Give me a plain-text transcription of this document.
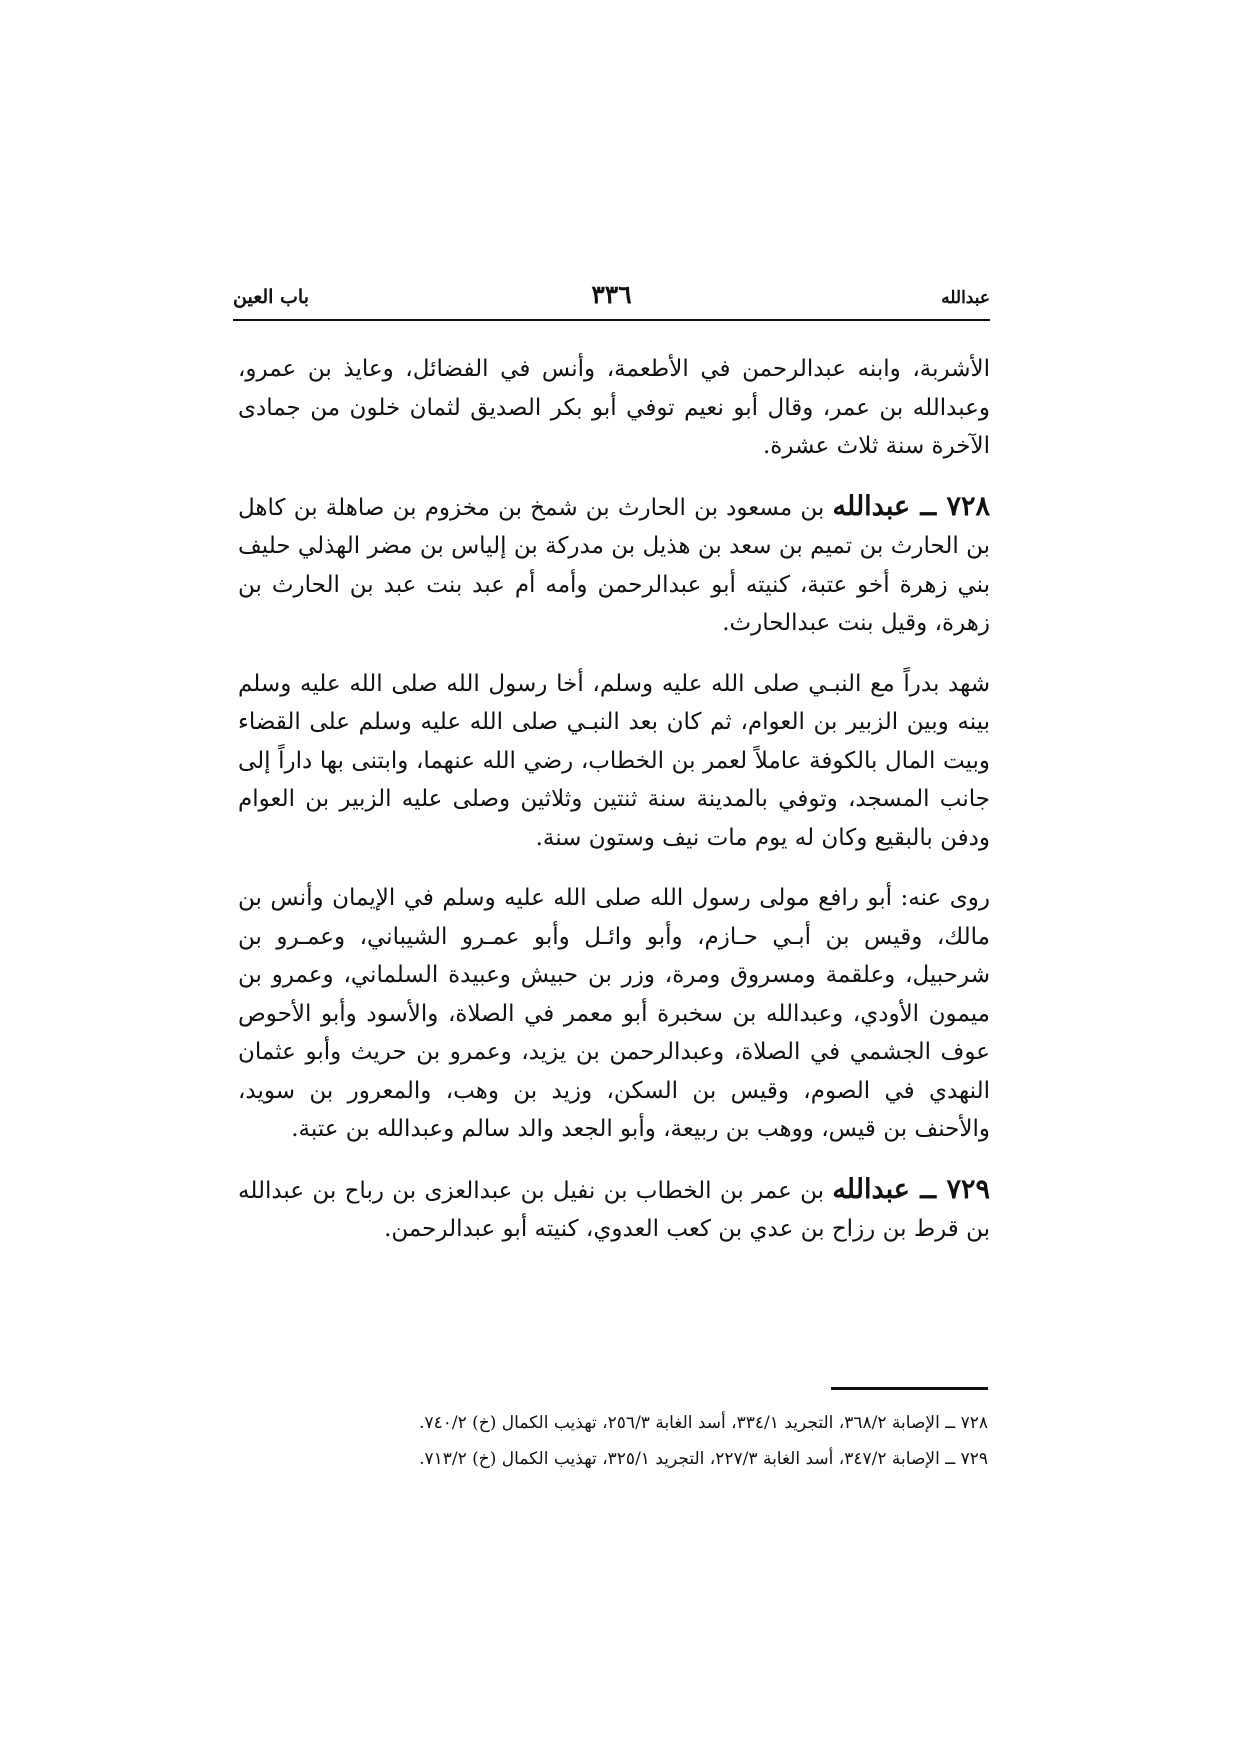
عبدالله
٣٣٦
باب العين

الأشربة، وابنه عبدالرحمن في الأطعمة، وأنس في الفضائل، وعايذ بن عمرو، وعبدالله بن عمر، وقال أبو نعيم توفي أبو بكر الصديق لثمان خلون من جمادى الآخرة سنة ثلاث عشرة.

٧٢٨ ــ عبدالله بن مسعود بن الحارث بن شمخ بن مخزوم بن صاهلة بن كاهل بن الحارث بن تميم بن سعد بن هذيل بن مدركة بن إلياس بن مضر الهذلي حليف بني زهرة أخو عتبة، كنيته أبو عبدالرحمن وأمه أم عبد بنت عبد بن الحارث بن زهرة، وقيل بنت عبدالحارث.

شهد بدراً مع النبـي صلى الله عليه وسلم، أخا رسول الله صلى الله عليه وسلم بينه وبين الزبير بن العوام، ثم كان بعد النبـي صلى الله عليه وسلم على القضاء وبيت المال بالكوفة عاملاً لعمر بن الخطاب، رضي الله عنهما، وابتنى بها داراً إلى جانب المسجد، وتوفي بالمدينة سنة ثنتين وثلاثين وصلى عليه الزبير بن العوام ودفن بالبقيع وكان له يوم مات نيف وستون سنة.

روى عنه: أبو رافع مولى رسول الله صلى الله عليه وسلم في الإيمان وأنس بن مالك، وقيس بن أبـي حـازم، وأبو وائـل وأبو عمـرو الشيباني، وعمـرو بن شرحبيل، وعلقمة ومسروق ومرة، وزر بن حبيش وعبيدة السلماني، وعمرو بن ميمون الأودي، وعبدالله بن سخبرة أبو معمر في الصلاة، والأسود وأبو الأحوص عوف الجشمي في الصلاة، وعبدالرحمن بن يزيد، وعمرو بن حريث وأبو عثمان النهدي في الصوم، وقيس بن السكن، وزيد بن وهب، والمعرور بن سويد، والأحنف بن قيس، ووهب بن ربيعة، وأبو الجعد والد سالم وعبدالله بن عتبة.

٧٢٩ ــ عبدالله بن عمر بن الخطاب بن نفيل بن عبدالعزى بن رباح بن عبدالله بن قرط بن رزاح بن عدي بن كعب العدوي، كنيته أبو عبدالرحمن.

٧٢٨ ــ الإصابة ٣٦٨/٢، التجريد ٣٣٤/١، أسد الغابة ٢٥٦/٣، تهذيب الكمال (خ) ٧٤٠/٢.
٧٢٩ ــ الإصابة ٣٤٧/٢، أسد الغابة ٢٢٧/٣، التجريد ٣٢٥/١، تهذيب الكمال (خ) ٧١٣/٢.
